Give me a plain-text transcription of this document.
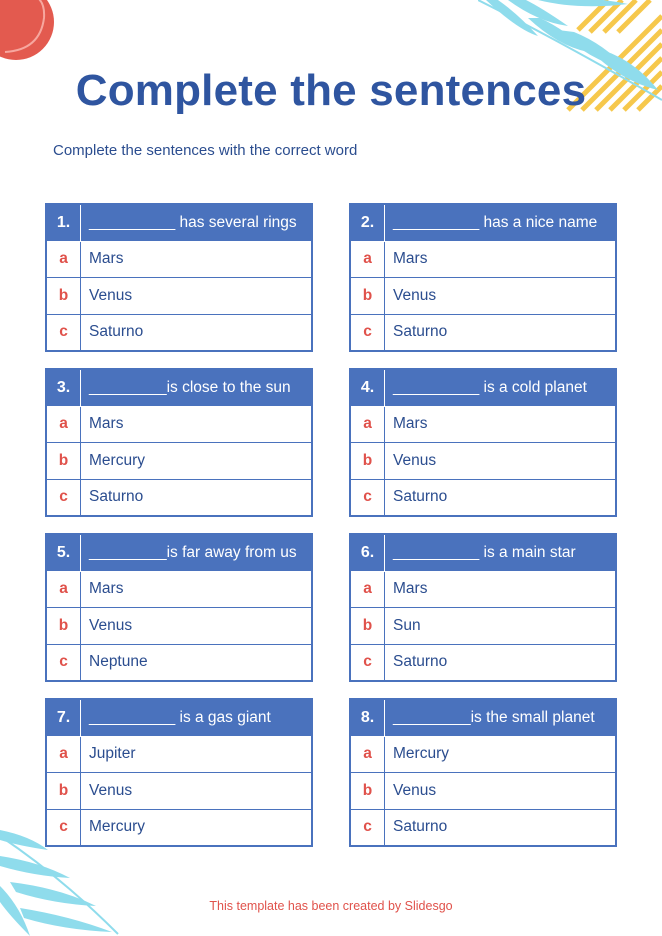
Complete the sentences

Complete the sentences with the correct word

1.	__________ has several rings
a	Mars
b	Venus
c	Saturno
2.	__________ has a nice name
a	Mars
b	Venus
c	Saturno
3.	_________is close to the sun
a	Mars
b	Mercury
c	Saturno
4.	__________ is a cold planet
a	Mars
b	Venus
c	Saturno
5.	_________is far away from us
a	Mars
b	Venus
c	Neptune
6.	__________ is a main star
a	Mars
b	Sun
c	Saturno
7.	__________ is a gas giant
a	Jupiter
b	Venus
c	Mercury
8.	_________is the small planet
a	Mercury
b	Venus
c	Saturno

This template has been created by Slidesgo
